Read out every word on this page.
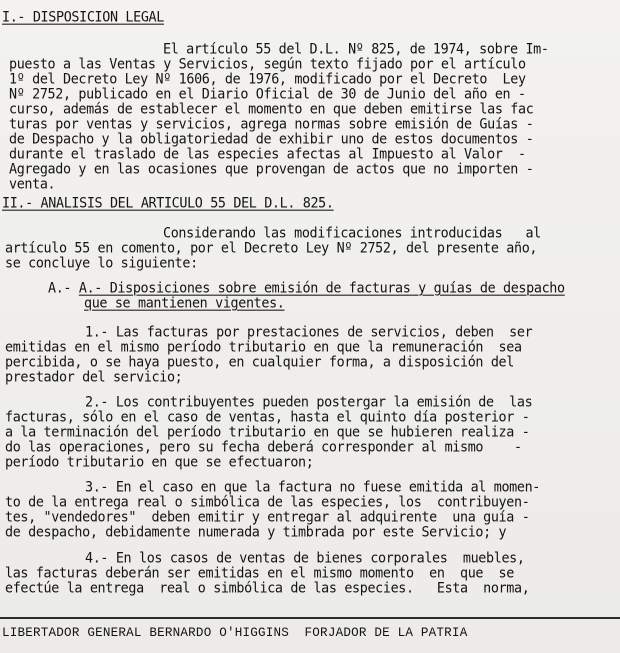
I.- DISPOSICION LEGAL
El artículo 55 del D.L. Nº 825, de 1974, sobre Im-
puesto a las Ventas y Servicios, según texto fijado por el artículo
1º del Decreto Ley Nº 1606, de 1976, modificado por el Decreto  Ley
Nº 2752, publicado en el Diario Oficial de 30 de Junio del año en -
curso, además de establecer el momento en que deben emitirse las fac
turas por ventas y servicios, agrega normas sobre emisión de Guías -
de Despacho y la obligatoriedad de exhibir uno de estos documentos -
durante el traslado de las especies afectas al Impuesto al Valor  -
Agregado y en las ocasiones que provengan de actos que no importen -
venta.
II.- ANALISIS DEL ARTICULO 55 DEL D.L. 825.
Considerando las modificaciones introducidas   al
artículo 55 en comento, por el Decreto Ley Nº 2752, del presente año,
se concluye lo siguiente:
A.- A.- Disposiciones sobre emisión de facturas y guías de despacho
que se mantienen vigentes.
1.- Las facturas por prestaciones de servicios, deben  ser
emitidas en el mismo período tributario en que la remuneración  sea
percibida, o se haya puesto, en cualquier forma, a disposición del
prestador del servicio;
2.- Los contribuyentes pueden postergar la emisión de  las
facturas, sólo en el caso de ventas, hasta el quinto día posterior -
a la terminación del período tributario en que se hubieren realiza -
do las operaciones, pero su fecha deberá corresponder al mismo    -
período tributario en que se efectuaron;
3.- En el caso en que la factura no fuese emitida al momen-
to de la entrega real o simbólica de las especies, los  contribuyen-
tes, "vendedores"  deben emitir y entregar al adquirente  una guía -
de despacho, debidamente numerada y timbrada por este Servicio; y
4.- En los casos de ventas de bienes corporales  muebles,
las facturas deberán ser emitidas en el mismo momento  en  que  se
efectúe la entrega  real o simbólica de las especies.   Esta  norma,
LIBERTADOR GENERAL BERNARDO O'HIGGINS  FORJADOR DE LA PATRIA
